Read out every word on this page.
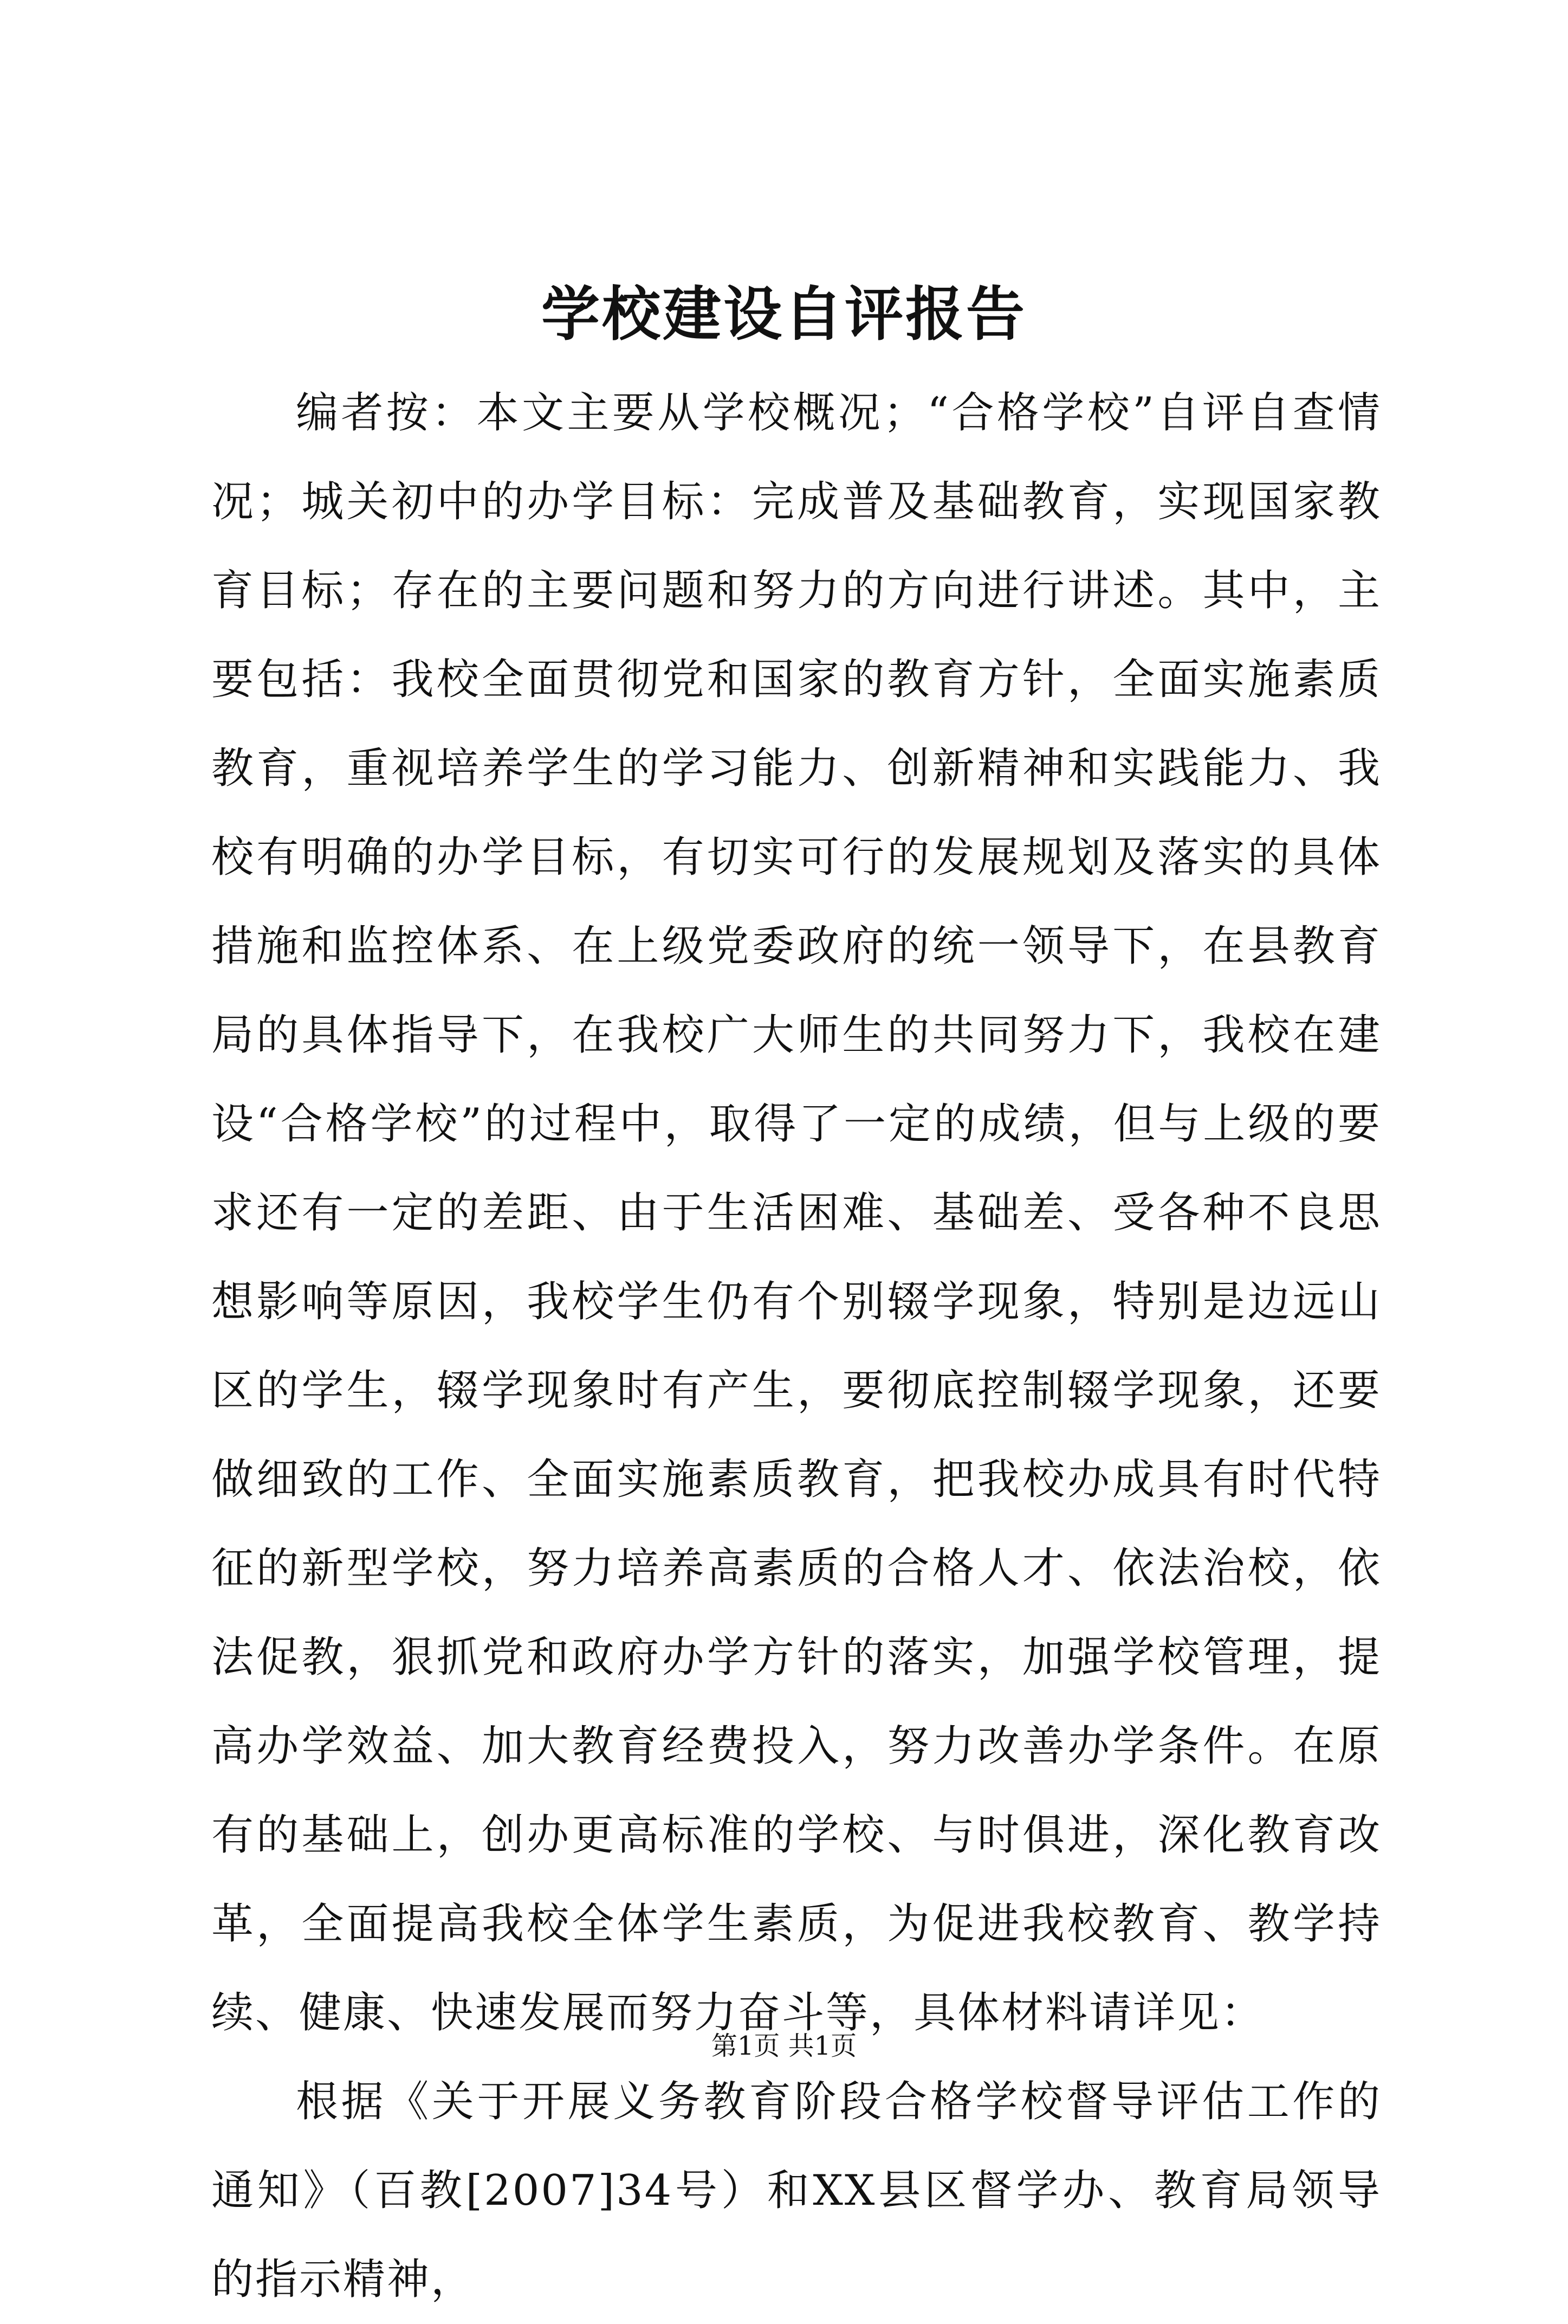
学校建设自评报告

编者按：本文主要从学校概况；“合格学校”自评自查情况；城关初中的办学目标：完成普及基础教育，实现国家教育目标；存在的主要问题和努力的方向进行讲述。其中，主要包括：我校全面贯彻党和国家的教育方针，全面实施素质教育，重视培养学生的学习能力、创新精神和实践能力、我校有明确的办学目标，有切实可行的发展规划及落实的具体措施和监控体系、在上级党委政府的统一领导下，在县教育局的具体指导下，在我校广大师生的共同努力下，我校在建设“合格学校”的过程中，取得了一定的成绩，但与上级的要求还有一定的差距、由于生活困难、基础差、受各种不良思想影响等原因，我校学生仍有个别辍学现象，特别是边远山区的学生，辍学现象时有产生，要彻底控制辍学现象，还要做细致的工作、全面实施素质教育，把我校办成具有时代特征的新型学校，努力培养高素质的合格人才、依法治校，依法促教，狠抓党和政府办学方针的落实，加强学校管理，提高办学效益、加大教育经费投入，努力改善办学条件。在原有的基础上，创办更高标准的学校、与时俱进，深化教育改革，全面提高我校全体学生素质，为促进我校教育、教学持续、健康、快速发展而努力奋斗等，具体材料请详见：

根据《关于开展义务教育阶段合格学校督导评估工作的通知》（百教[2007]34号）和XX县区督学办、教育局领导的指示精神，

第1页 共1页
